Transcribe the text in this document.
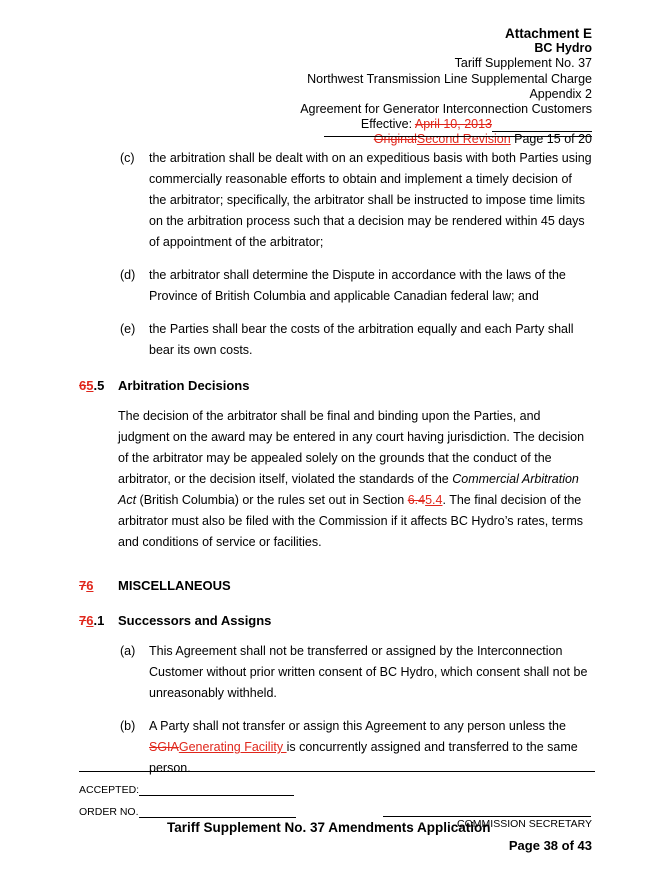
Attachment E
BC Hydro
Tariff Supplement No. 37
Northwest Transmission Line Supplemental Charge
Appendix 2
Agreement for Generator Interconnection Customers
Effective: April 10, 2013
OriginalSecond Revision Page 15 of 20
(c) the arbitration shall be dealt with on an expeditious basis with both Parties using commercially reasonable efforts to obtain and implement a timely decision of the arbitrator; specifically, the arbitrator shall be instructed to impose time limits on the arbitration process such that a decision may be rendered within 45 days of appointment of the arbitrator;
(d) the arbitrator shall determine the Dispute in accordance with the laws of the Province of British Columbia and applicable Canadian federal law; and
(e) the Parties shall bear the costs of the arbitration equally and each Party shall bear its own costs.
65.5	Arbitration Decisions
The decision of the arbitrator shall be final and binding upon the Parties, and judgment on the award may be entered in any court having jurisdiction. The decision of the arbitrator may be appealed solely on the grounds that the conduct of the arbitrator, or the decision itself, violated the standards of the Commercial Arbitration Act (British Columbia) or the rules set out in Section 6.45.4. The final decision of the arbitrator must also be filed with the Commission if it affects BC Hydro’s rates, terms and conditions of service or facilities.
76	MISCELLANEOUS
76.1	Successors and Assigns
(a) This Agreement shall not be transferred or assigned by the Interconnection Customer without prior written consent of BC Hydro, which consent shall not be unreasonably withheld.
(b) A Party shall not transfer or assign this Agreement to any person unless the SGIAGenerating Facility is concurrently assigned and transferred to the same person.
ACCEPTED:
ORDER NO.
COMMISSION SECRETARY
Tariff Supplement No. 37 Amendments Application
Page 38 of 43
